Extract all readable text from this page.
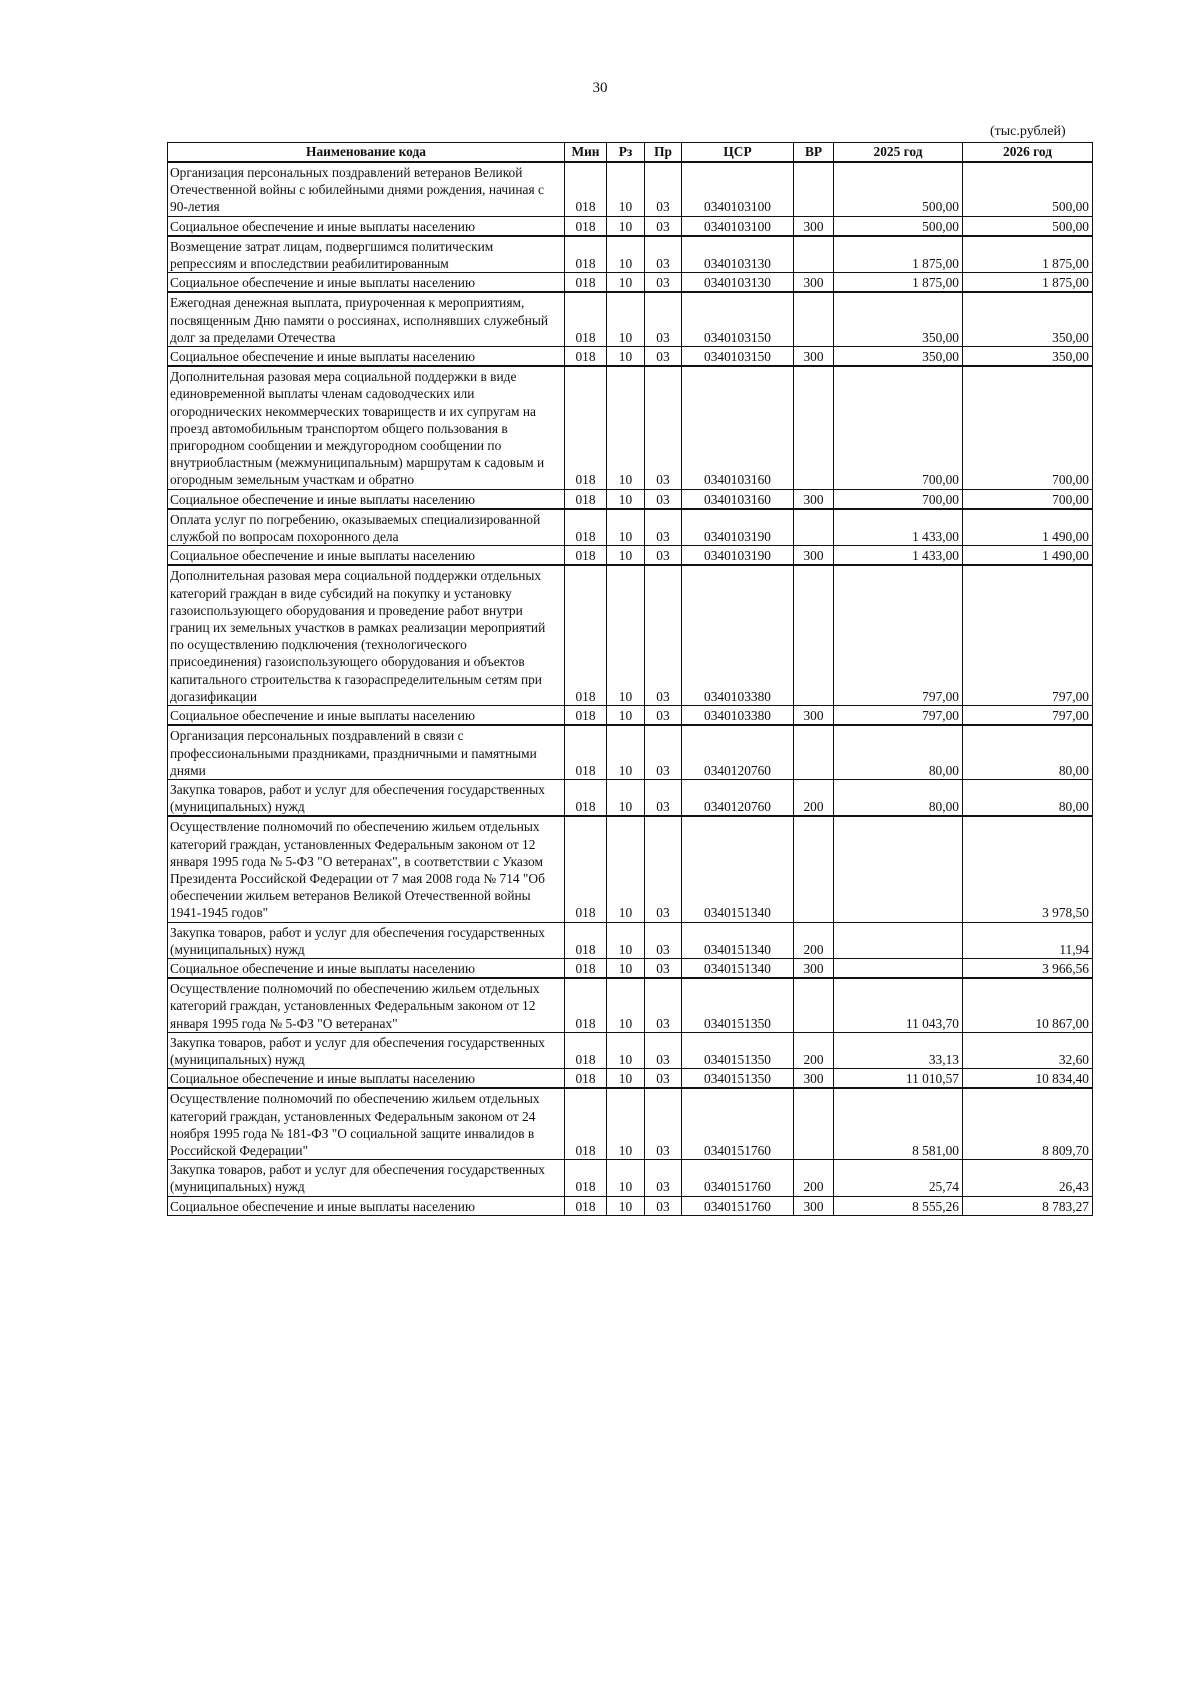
30
(тыс.рублей)
Наименование кода	Мин	Рз	Пр	ЦСР	ВР	2025 год	2026 год
Организация персональных поздравлений ветеранов Великой Отечественной войны с юбилейными днями рождения, начиная с 90-летия	018	10	03	0340103100		500,00	500,00
Социальное обеспечение и иные выплаты населению	018	10	03	0340103100	300	500,00	500,00
Возмещение затрат лицам, подвергшимся политическим репрессиям и впоследствии реабилитированным	018	10	03	0340103130		1 875,00	1 875,00
Социальное обеспечение и иные выплаты населению	018	10	03	0340103130	300	1 875,00	1 875,00
Ежегодная денежная выплата, приуроченная к мероприятиям, посвященным Дню памяти о россиянах, исполнявших служебный долг за пределами Отечества	018	10	03	0340103150		350,00	350,00
Социальное обеспечение и иные выплаты населению	018	10	03	0340103150	300	350,00	350,00
Дополнительная разовая мера социальной поддержки в виде единовременной выплаты членам садоводческих или огороднических некоммерческих товариществ и их супругам на проезд автомобильным транспортом общего пользования в пригородном сообщении и междугородном сообщении по внутриобластным (межмуниципальным) маршрутам к садовым и огородным земельным участкам и обратно	018	10	03	0340103160		700,00	700,00
Социальное обеспечение и иные выплаты населению	018	10	03	0340103160	300	700,00	700,00
Оплата услуг по погребению, оказываемых специализированной службой по вопросам похоронного дела	018	10	03	0340103190		1 433,00	1 490,00
Социальное обеспечение и иные выплаты населению	018	10	03	0340103190	300	1 433,00	1 490,00
Дополнительная разовая мера социальной поддержки отдельных категорий граждан в виде субсидий на покупку и установку газоиспользующего оборудования и проведение работ внутри границ их земельных участков в рамках реализации мероприятий по осуществлению подключения (технологического присоединения) газоиспользующего оборудования и объектов капитального строительства к газораспределительным сетям при догазификации	018	10	03	0340103380		797,00	797,00
Социальное обеспечение и иные выплаты населению	018	10	03	0340103380	300	797,00	797,00
Организация персональных поздравлений в связи с профессиональными праздниками, праздничными и памятными днями	018	10	03	0340120760		80,00	80,00
Закупка товаров, работ и услуг для обеспечения государственных (муниципальных) нужд	018	10	03	0340120760	200	80,00	80,00
Осуществление полномочий по обеспечению жильем отдельных категорий граждан, установленных Федеральным законом от 12 января 1995 года № 5-ФЗ "О ветеранах", в соответствии с Указом Президента Российской Федерации от 7 мая 2008 года № 714 "Об обеспечении жильем ветеранов Великой Отечественной войны 1941-1945 годов"	018	10	03	0340151340			3 978,50
Закупка товаров, работ и услуг для обеспечения государственных (муниципальных) нужд	018	10	03	0340151340	200		11,94
Социальное обеспечение и иные выплаты населению	018	10	03	0340151340	300		3 966,56
Осуществление полномочий по обеспечению жильем отдельных категорий граждан, установленных Федеральным законом от 12 января 1995 года № 5-ФЗ "О ветеранах"	018	10	03	0340151350		11 043,70	10 867,00
Закупка товаров, работ и услуг для обеспечения государственных (муниципальных) нужд	018	10	03	0340151350	200	33,13	32,60
Социальное обеспечение и иные выплаты населению	018	10	03	0340151350	300	11 010,57	10 834,40
Осуществление полномочий по обеспечению жильем отдельных категорий граждан, установленных Федеральным законом от 24 ноября 1995 года № 181-ФЗ "О социальной защите инвалидов в Российской Федерации"	018	10	03	0340151760		8 581,00	8 809,70
Закупка товаров, работ и услуг для обеспечения государственных (муниципальных) нужд	018	10	03	0340151760	200	25,74	26,43
Социальное обеспечение и иные выплаты населению	018	10	03	0340151760	300	8 555,26	8 783,27
